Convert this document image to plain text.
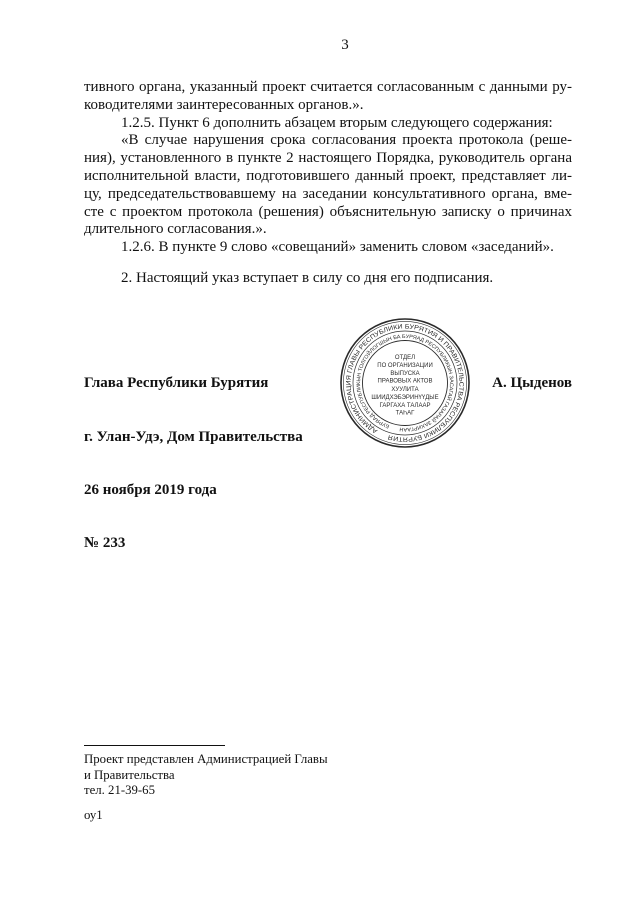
3
тивного органа, указанный проект считается согласованным с данными ру-
ководителями заинтересованных органов.».
1.2.5. Пункт 6 дополнить абзацем вторым следующего содержания:
«В случае нарушения срока согласования проекта протокола (реше-
ния), установленного в пункте 2 настоящего Порядка, руководитель органа
исполнительной власти, подготовившего данный проект, представляет ли-
цу, председательствовавшему на заседании консультативного органа, вме-
сте с проектом протокола (решения) объяснительную записку о причинах
длительного согласования.».
1.2.6. В пункте 9 слово «совещаний» заменить словом «заседаний».
2. Настоящий указ вступает в силу со дня его подписания.
Глава Республики Бурятия	А. Цыденов
г. Улан-Удэ, Дом Правительства
26 ноября 2019 года
№ 233
АДМИНИСТРАЦИЯ ГЛАВЫ РЕСПУБЛИКИ БУРЯТИЯ И ПРАВИТЕЛЬСТВА РЕСПУБЛИКИ БУРЯТИЯ
БУРЯАД РЕСПУБЛИКЫН ТОЛГОЙЛОГШЫН БА БУРЯАД РЕСПУБЛИКЫН ЗАСАГАЙ ГАЗАРАЙ ЗАХИРГААН
ОТДЕЛ
ПО ОРГАНИЗАЦИИ
ВЫПУСКА
ПРАВОВЫХ АКТОВ
ХУУЛИТА
ШИИДХЭБЭРИНҮҮДЫЕ
ГАРГАХА ТАЛААР
ТАҺАГ
Проект представлен Администрацией Главы
и Правительства
тел. 21-39-65
оу1
